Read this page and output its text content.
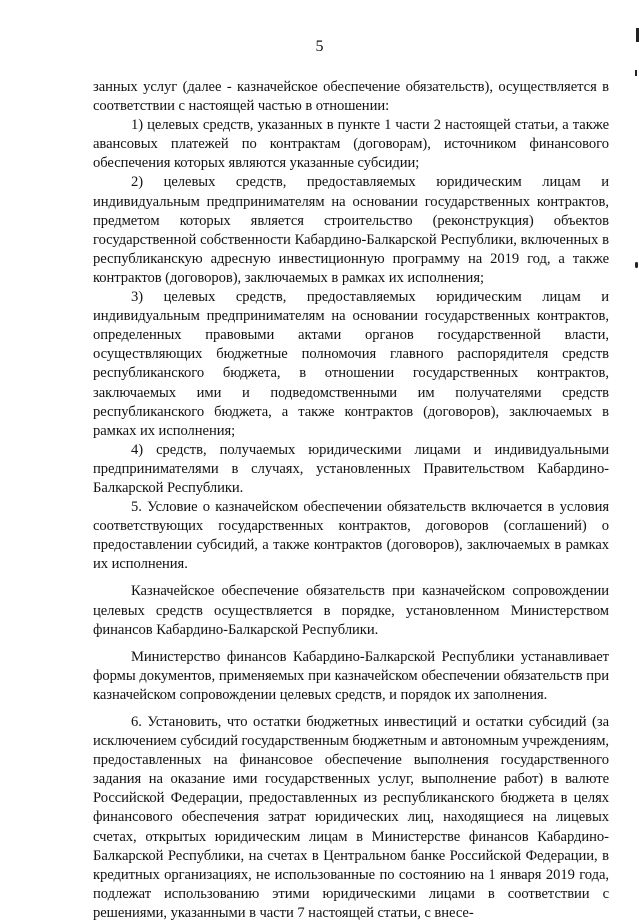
5

занных услуг (далее - казначейское обеспечение обязательств), осуществляется в соответствии с настоящей частью в отношении:

1) целевых средств, указанных в пункте 1 части 2 настоящей статьи, а также авансовых платежей по контрактам (договорам), источником финансового обеспечения которых являются указанные субсидии;

2) целевых средств, предоставляемых юридическим лицам и индивидуальным предпринимателям на основании государственных контрактов, предметом которых является строительство (реконструкция) объектов государственной собственности Кабардино-Балкарской Республики, включенных в республиканскую адресную инвестиционную программу на 2019 год, а также контрактов (договоров), заключаемых в рамках их исполнения;

3) целевых средств, предоставляемых юридическим лицам и индивидуальным предпринимателям на основании государственных контрактов, определенных правовыми актами органов государственной власти, осуществляющих бюджетные полномочия главного распорядителя средств республиканского бюджета, в отношении государственных контрактов, заключаемых ими и подведомственными им получателями средств республиканского бюджета, а также контрактов (договоров), заключаемых в рамках их исполнения;

4) средств, получаемых юридическими лицами и индивидуальными предпринимателями в случаях, установленных Правительством Кабардино-Балкарской Республики.

5. Условие о казначейском обеспечении обязательств включается в условия соответствующих государственных контрактов, договоров (соглашений) о предоставлении субсидий, а также контрактов (договоров), заключаемых в рамках их исполнения.

Казначейское обеспечение обязательств при казначейском сопровождении целевых средств осуществляется в порядке, установленном Министерством финансов Кабардино-Балкарской Республики.

Министерство финансов Кабардино-Балкарской Республики устанавливает формы документов, применяемых при казначейском обеспечении обязательств при казначейском сопровождении целевых средств, и порядок их заполнения.

6. Установить, что остатки бюджетных инвестиций и остатки субсидий (за исключением субсидий государственным бюджетным и автономным учреждениям, предоставленных на финансовое обеспечение выполнения государственного задания на оказание ими государственных услуг, выполнение работ) в валюте Российской Федерации, предоставленных из республиканского бюджета в целях финансового обеспечения затрат юридических лиц, находящиеся на лицевых счетах, открытых юридическим лицам в Министерстве финансов Кабардино-Балкарской Республики, на счетах в Центральном банке Российской Федерации, в кредитных организациях, не использованные по состоянию на 1 января 2019 года, подлежат использованию этими юридическими лицами в соответствии с решениями, указанными в части 7 настоящей статьи, с внесе-
